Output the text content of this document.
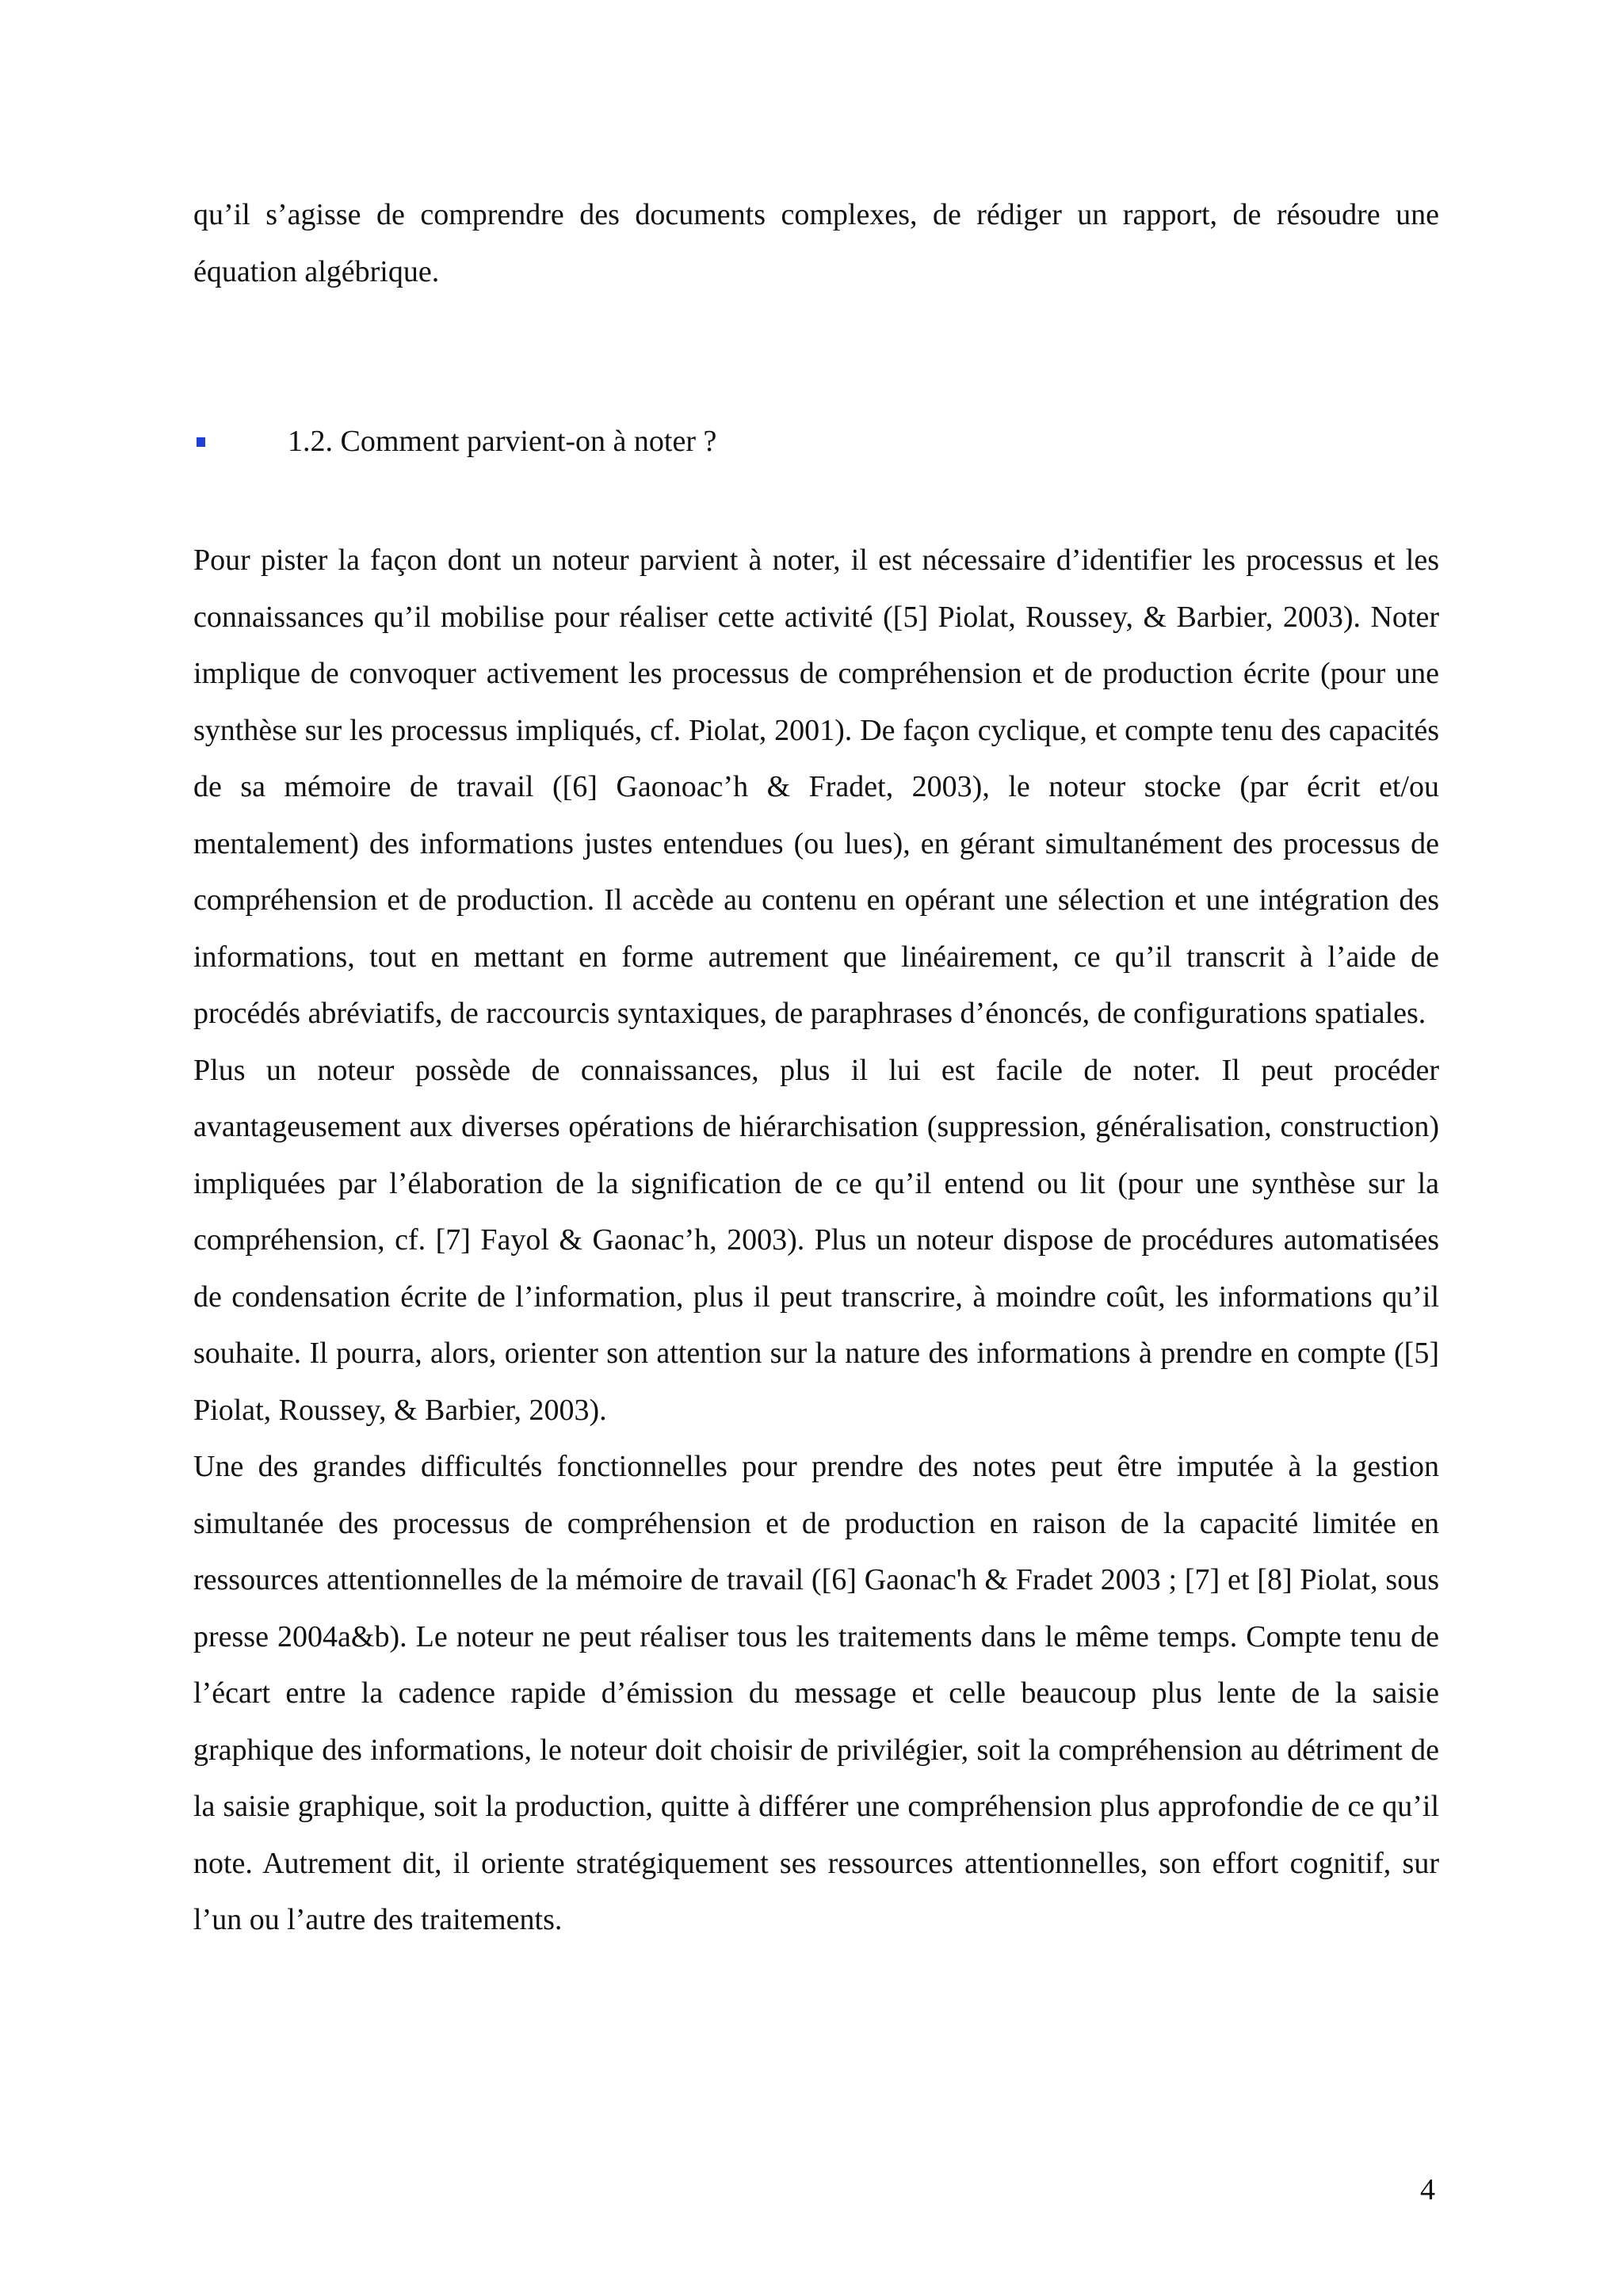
qu’il s’agisse de comprendre des documents complexes, de rédiger un rapport, de résoudre une équation algébrique.

1.2. Comment parvient-on à noter ?

Pour pister la façon dont un noteur parvient à noter, il est nécessaire d’identifier les processus et les connaissances qu’il mobilise pour réaliser cette activité ([5] Piolat, Roussey, & Barbier, 2003). Noter implique de convoquer activement les processus de compréhension et de production écrite (pour une synthèse sur les processus impliqués, cf. Piolat, 2001). De façon cyclique, et compte tenu des capacités de sa mémoire de travail ([6] Gaonoac’h & Fradet, 2003), le noteur stocke (par écrit et/ou mentalement) des informations justes entendues (ou lues), en gérant simultanément des processus de compréhension et de production. Il accède au contenu en opérant une sélection et une intégration des informations, tout en mettant en forme autrement que linéairement, ce qu’il transcrit à l’aide de procédés abréviatifs, de raccourcis syntaxiques, de paraphrases d’énoncés, de configurations spatiales.

Plus un noteur possède de connaissances, plus il lui est facile de noter. Il peut procéder avantageusement aux diverses opérations de hiérarchisation (suppression, généralisation, construction) impliquées par l’élaboration de la signification de ce qu’il entend ou lit (pour une synthèse sur la compréhension, cf. [7] Fayol & Gaonac’h, 2003). Plus un noteur dispose de procédures automatisées de condensation écrite de l’information, plus il peut transcrire, à moindre coût, les informations qu’il souhaite. Il pourra, alors, orienter son attention sur la nature des informations à prendre en compte ([5] Piolat, Roussey, & Barbier, 2003).

Une des grandes difficultés fonctionnelles pour prendre des notes peut être imputée à la gestion simultanée des processus de compréhension et de production en raison de la capacité limitée en ressources attentionnelles de la mémoire de travail ([6] Gaonac'h & Fradet 2003 ; [7] et [8] Piolat, sous presse 2004a&b). Le noteur ne peut réaliser tous les traitements dans le même temps. Compte tenu de l’écart entre la cadence rapide d’émission du message et celle beaucoup plus lente de la saisie graphique des informations, le noteur doit choisir de privilégier, soit la compréhension au détriment de la saisie graphique, soit la production, quitte à différer une compréhension plus approfondie de ce qu’il note. Autrement dit, il oriente stratégiquement ses ressources attentionnelles, son effort cognitif, sur l’un ou l’autre des traitements.

4
